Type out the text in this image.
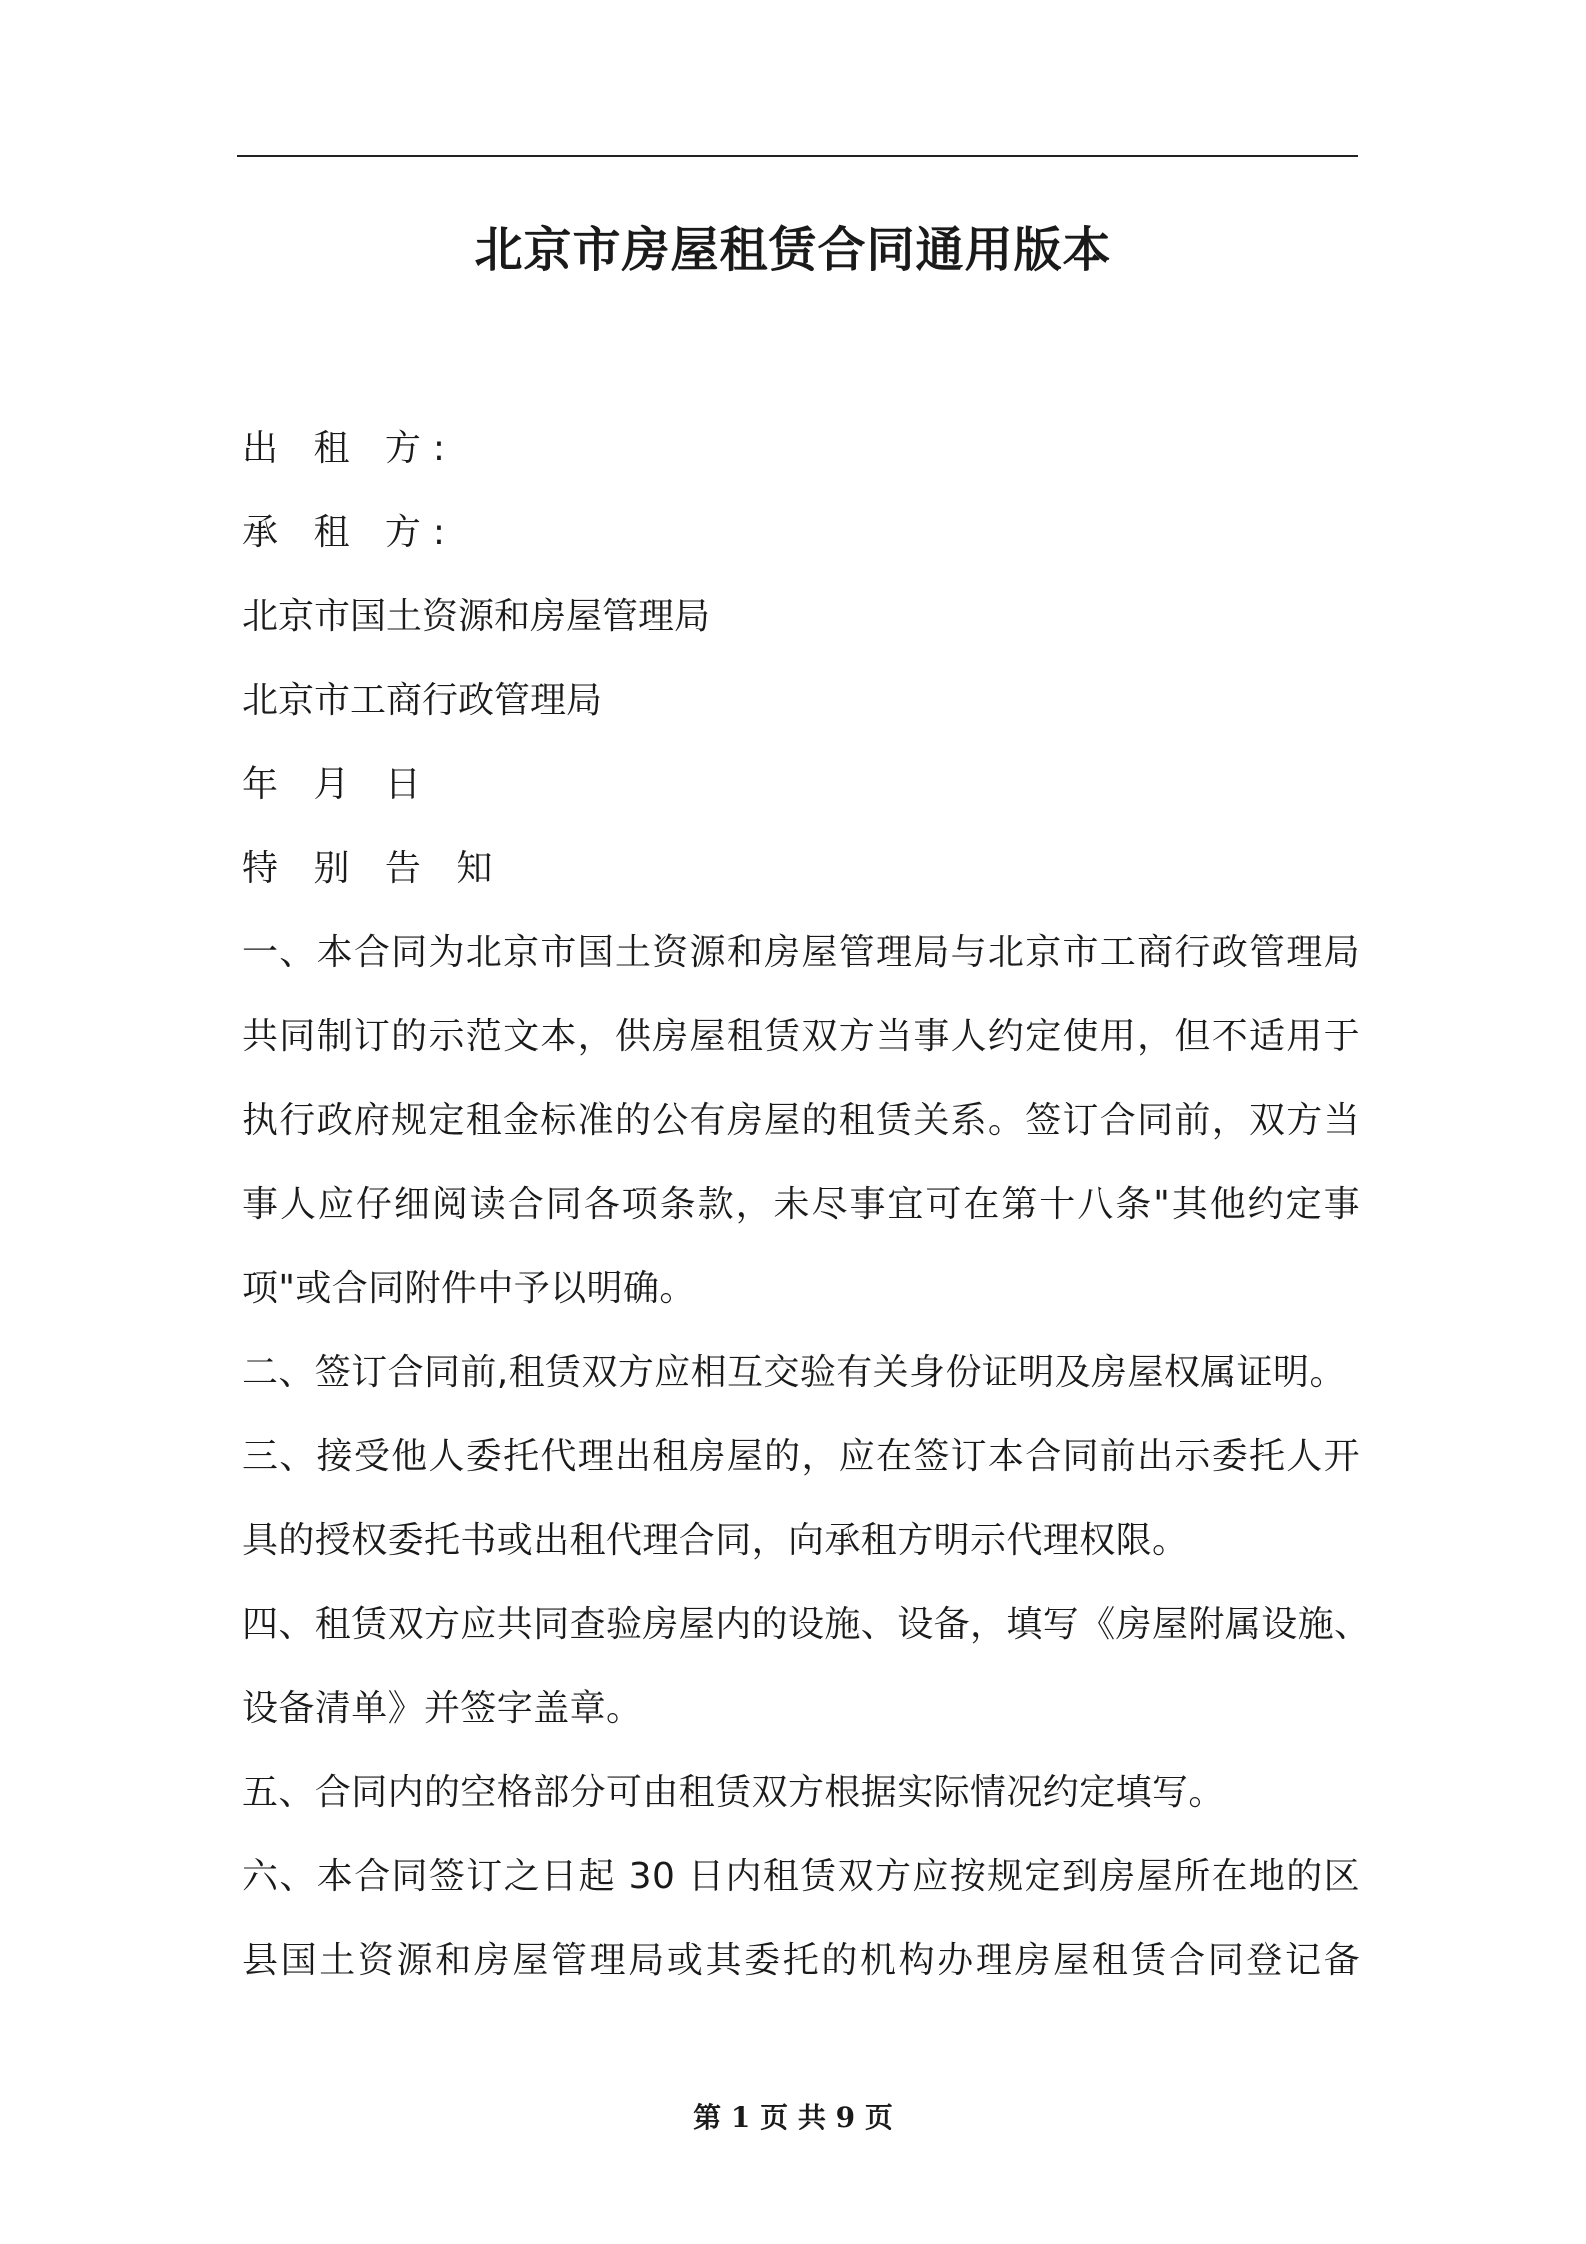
北京市房屋租赁合同通用版本
出 租 方:
承 租 方:
北京市国土资源和房屋管理局
北京市工商行政管理局
年 月 日
特 别 告 知
一、本合同为北京市国土资源和房屋管理局与北京市工商行政管理局
共同制订的示范文本，供房屋租赁双方当事人约定使用，但不适用于
执行政府规定租金标准的公有房屋的租赁关系。签订合同前，双方当
事人应仔细阅读合同各项条款，未尽事宜可在第十八条"其他约定事
项"或合同附件中予以明确。
二、签订合同前,租赁双方应相互交验有关身份证明及房屋权属证明。
三、接受他人委托代理出租房屋的，应在签订本合同前出示委托人开
具的授权委托书或出租代理合同，向承租方明示代理权限。
四、租赁双方应共同查验房屋内的设施、设备，填写《房屋附属设施、
设备清单》并签字盖章。
五、合同内的空格部分可由租赁双方根据实际情况约定填写。
六、本合同签订之日起 30 日内租赁双方应按规定到房屋所在地的区
县国土资源和房屋管理局或其委托的机构办理房屋租赁合同登记备
第 1 页 共 9 页
